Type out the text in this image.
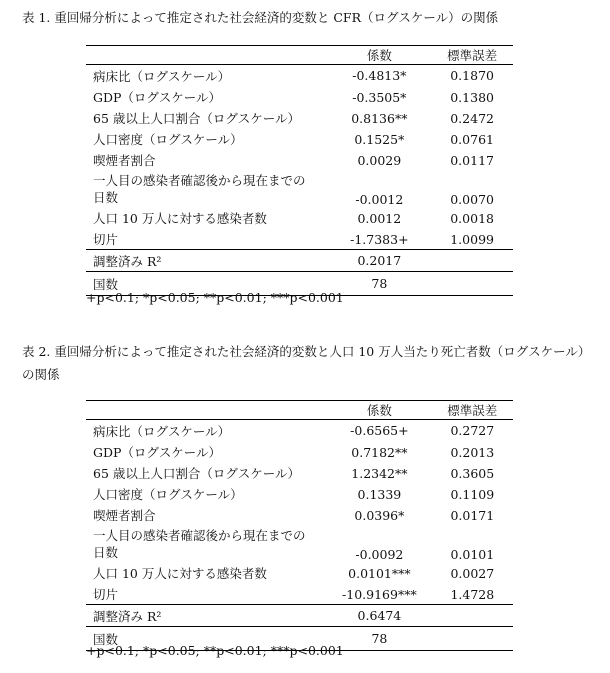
表 1. 重回帰分析によって推定された社会経済的変数と CFR（ログスケール）の関係

	係数	標準誤差
病床比（ログスケール）	-0.4813*	0.1870
GDP（ログスケール）	-0.3505*	0.1380
65 歳以上人口割合（ログスケール）	0.8136**	0.2472
人口密度（ログスケール）	0.1525*	0.0761
喫煙者割合	0.0029	0.0117

一人目の感染者確認後から現在までの
日数	-0.0012	0.0070
人口 10 万人に対する感染者数	0.0012	0.0018
切片	-1.7383+	1.0099
調整済み R²	0.2017	
国数	78	

+p<0.1; *p<0.05; **p<0.01; ***p<0.001

表 2. 重回帰分析によって推定された社会経済的変数と人口 10 万人当たり死亡者数（ログスケール）の関係

	係数	標準誤差
病床比（ログスケール）	-0.6565+	0.2727
GDP（ログスケール）	0.7182**	0.2013
65 歳以上人口割合（ログスケール）	1.2342**	0.3605
人口密度（ログスケール）	0.1339	0.1109
喫煙者割合	0.0396*	0.0171

一人目の感染者確認後から現在までの
日数	-0.0092	0.0101
人口 10 万人に対する感染者数	0.0101***	0.0027
切片	-10.9169***	1.4728
調整済み R²	0.6474	
国数	78	

+p<0.1; *p<0.05; **p<0.01; ***p<0.001
